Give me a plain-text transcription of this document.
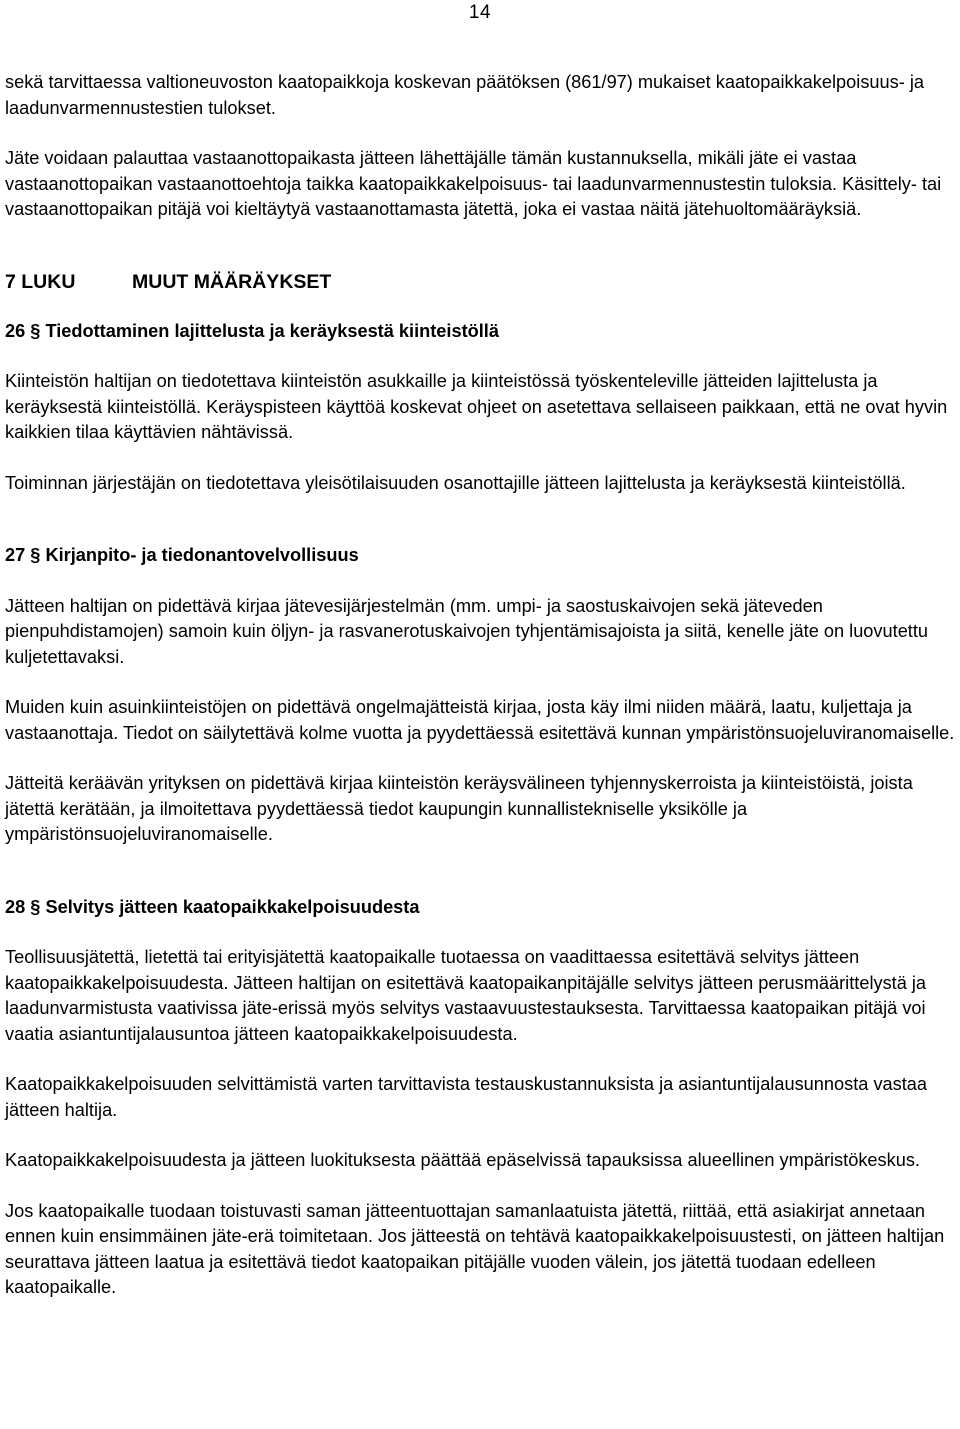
14

sekä tarvittaessa valtioneuvoston kaatopaikkoja koskevan päätöksen (861/97) mukaiset kaatopaikkakelpoisuus- ja laadunvarmennustestien tulokset.

Jäte voidaan palauttaa vastaanottopaikasta jätteen lähettäjälle tämän kustannuksella, mikäli jäte ei vastaa vastaanottopaikan vastaanottoehtoja taikka kaatopaikkakelpoisuus- tai laadunvarmennustestin tuloksia. Käsittely- tai vastaanottopaikan pitäjä voi kieltäytyä vastaanottamasta jätettä, joka ei vastaa näitä jätehuoltomääräyksiä.

7 LUKU	MUUT MÄÄRÄYKSET
26 § Tiedottaminen lajittelusta ja keräyksestä kiinteistöllä

Kiinteistön haltijan on tiedotettava kiinteistön asukkaille ja kiinteistössä työskenteleville jätteiden lajittelusta ja keräyksestä kiinteistöllä. Keräyspisteen käyttöä koskevat ohjeet on asetettava sellaiseen paikkaan, että ne ovat hyvin kaikkien tilaa käyttävien nähtävissä.

Toiminnan järjestäjän on tiedotettava yleisötilaisuuden osanottajille jätteen lajittelusta ja keräyksestä kiinteistöllä.

27 § Kirjanpito- ja tiedonantovelvollisuus

Jätteen haltijan on pidettävä kirjaa jätevesijärjestelmän (mm. umpi- ja saostuskaivojen sekä jäteveden pienpuhdistamojen) samoin kuin öljyn- ja rasvanerotuskaivojen tyhjentämisajoista ja siitä, kenelle jäte on luovutettu kuljetettavaksi.

Muiden kuin asuinkiinteistöjen on pidettävä ongelmajätteistä kirjaa, josta käy ilmi niiden määrä, laatu, kuljettaja ja vastaanottaja. Tiedot on säilytettävä kolme vuotta ja pyydettäessä esitettävä kunnan ympäristönsuojeluviranomaiselle.

Jätteitä keräävän yrityksen on pidettävä kirjaa kiinteistön keräysvälineen tyhjennyskerroista ja kiinteistöistä, joista jätettä kerätään, ja ilmoitettava pyydettäessä tiedot kaupungin kunnallistekniselle yksikölle ja ympäristönsuojeluviranomaiselle.

28 § Selvitys jätteen kaatopaikkakelpoisuudesta

Teollisuusjätettä, lietettä tai erityisjätettä kaatopaikalle tuotaessa on vaadittaessa esitettävä selvitys jätteen kaatopaikkakelpoisuudesta. Jätteen haltijan on esitettävä kaatopaikanpitäjälle selvitys jätteen perusmäärittelystä ja laadunvarmistusta vaativissa jäte-erissä myös selvitys vastaavuustestauksesta. Tarvittaessa kaatopaikan pitäjä voi vaatia asiantuntijalausuntoa jätteen kaatopaikkakelpoisuudesta.

Kaatopaikkakelpoisuuden selvittämistä varten tarvittavista testauskustannuksista ja asiantuntijalausunnosta vastaa jätteen haltija.

Kaatopaikkakelpoisuudesta ja jätteen luokituksesta päättää epäselvissä tapauksissa alueellinen ympäristökeskus.

Jos kaatopaikalle tuodaan toistuvasti saman jätteentuottajan samanlaatuista jätettä, riittää, että asiakirjat annetaan ennen kuin ensimmäinen jäte-erä toimitetaan. Jos jätteestä on tehtävä kaatopaikkakelpoisuustesti, on jätteen haltijan seurattava jätteen laatua ja esitettävä tiedot kaatopaikan pitäjälle vuoden välein, jos jätettä tuodaan edelleen kaatopaikalle.
